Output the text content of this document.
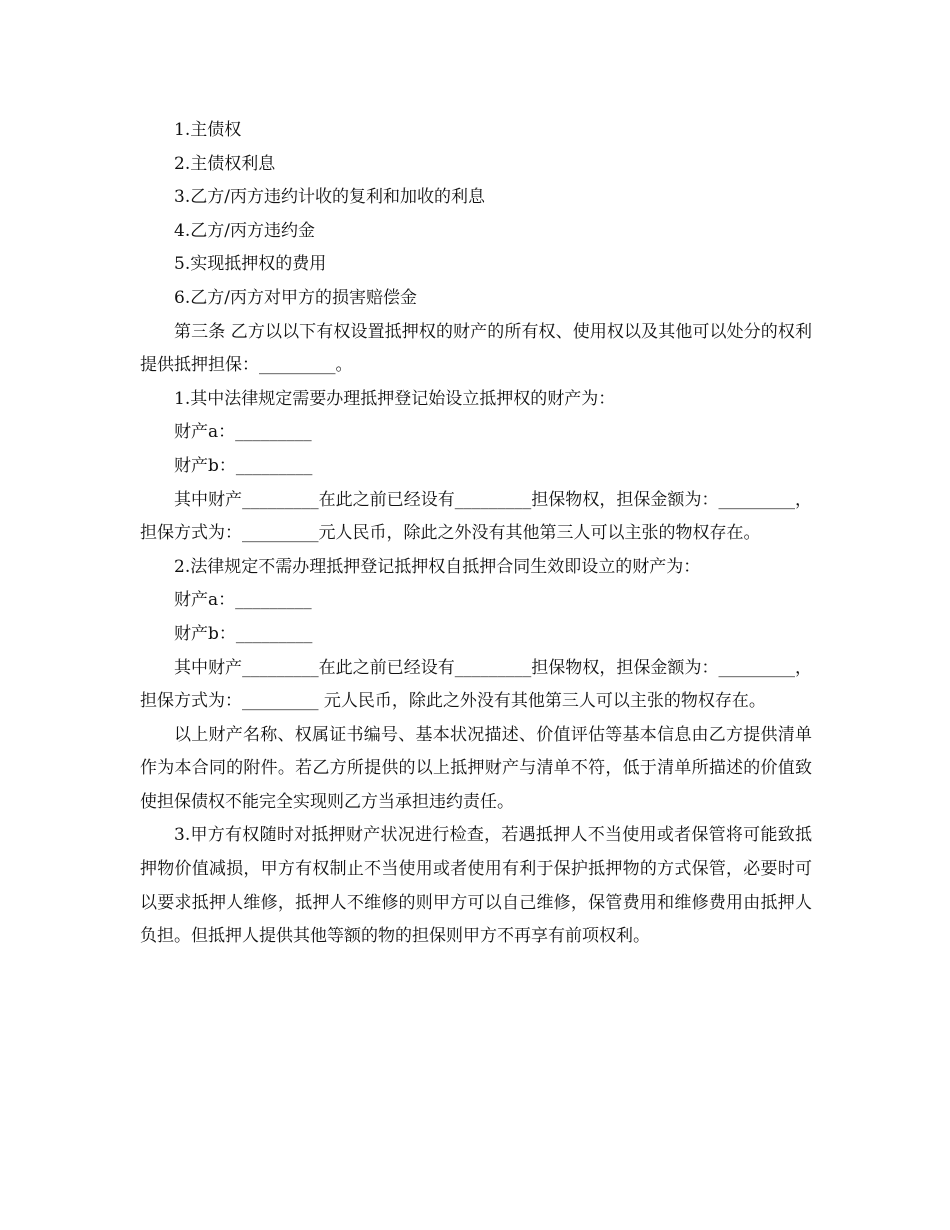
1.主债权

2.主债权利息

3.乙方/丙方违约计收的复利和加收的利息

4.乙方/丙方违约金

5.实现抵押权的费用

6.乙方/丙方对甲方的损害赔偿金

第三条 乙方以以下有权设置抵押权的财产的所有权、使用权以及其他可以处分的权利提供抵押担保：_________。

1.其中法律规定需要办理抵押登记始设立抵押权的财产为：

财产a：_________

财产b：_________

其中财产_________在此之前已经设有_________担保物权，担保金额为：_________，担保方式为：_________元人民币，除此之外没有其他第三人可以主张的物权存在。

2.法律规定不需办理抵押登记抵押权自抵押合同生效即设立的财产为：

财产a：_________

财产b：_________

其中财产_________在此之前已经设有_________担保物权，担保金额为：_________，担保方式为：_________ 元人民币，除此之外没有其他第三人可以主张的物权存在。

以上财产名称、权属证书编号、基本状况描述、价值评估等基本信息由乙方提供清单作为本合同的附件。若乙方所提供的以上抵押财产与清单不符，低于清单所描述的价值致使担保债权不能完全实现则乙方当承担违约责任。

3.甲方有权随时对抵押财产状况进行检查，若遇抵押人不当使用或者保管将可能致抵押物价值减损，甲方有权制止不当使用或者使用有利于保护抵押物的方式保管，必要时可以要求抵押人维修，抵押人不维修的则甲方可以自己维修，保管费用和维修费用由抵押人负担。但抵押人提供其他等额的物的担保则甲方不再享有前项权利。
